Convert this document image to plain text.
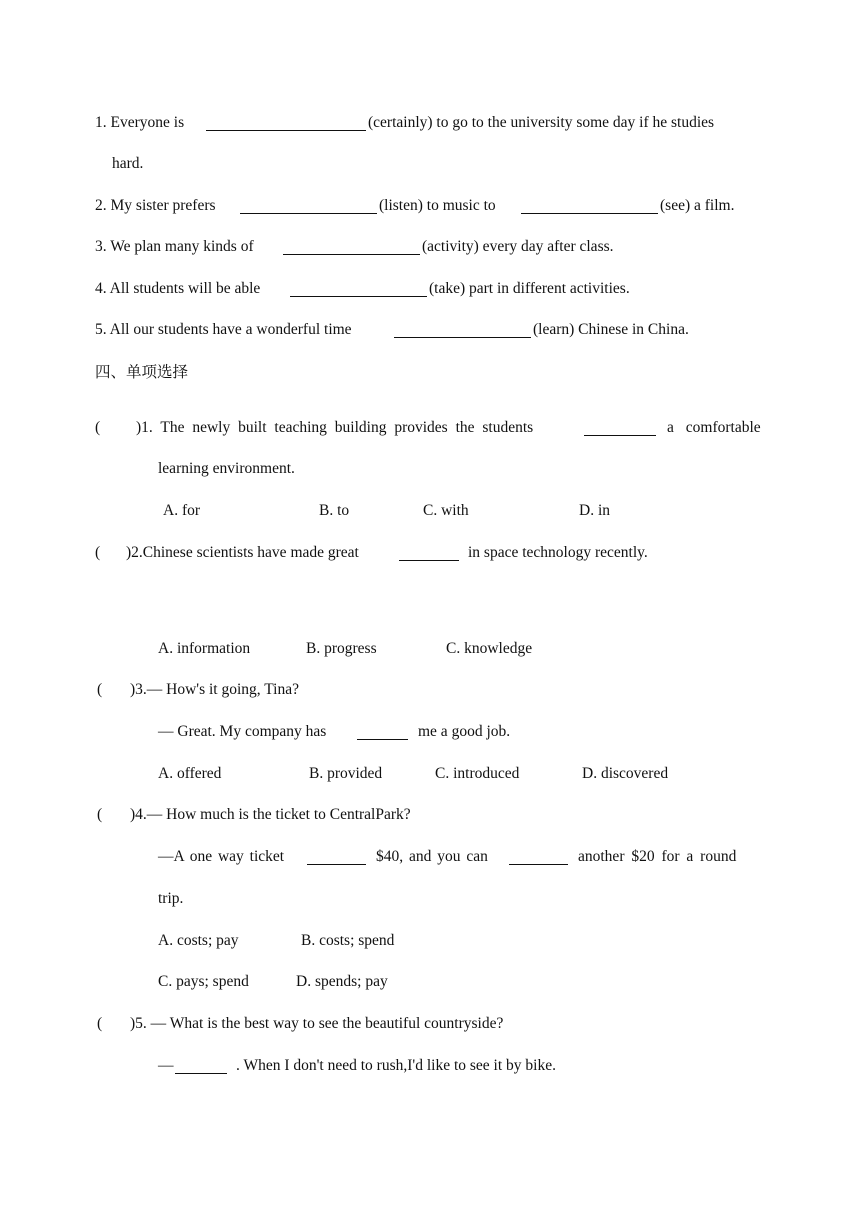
1. Everyone is	(certainly) to go to the university some day if he studies
hard.
2. My sister prefers	(listen) to music to	(see) a film.
3. We plan many kinds of	(activity) every day after class.
4. All students will be able	(take) part in different activities.
5. All our students have a wonderful time	(learn) Chinese in China.
四、单项选择
( )1. The newly built teaching building provides the students	a comfortable
learning environment.
A. for	B. to	C. with	D. in
( )2.Chinese scientists have made great	in space technology recently.
A. information	B. progress	C. knowledge
( )3.— How's it going, Tina?
— Great. My company has	me a good job.
A. offered	B. provided	C. introduced	D. discovered
( )4.— How much is the ticket to CentralPark?
—A one way ticket	$40, and you can	another $20 for a round
trip.
A. costs; pay	B. costs; spend
C. pays; spend	D. spends; pay
( )5. — What is the best way to see the beautiful countryside?
—	. When I don't need to rush,I'd like to see it by bike.
